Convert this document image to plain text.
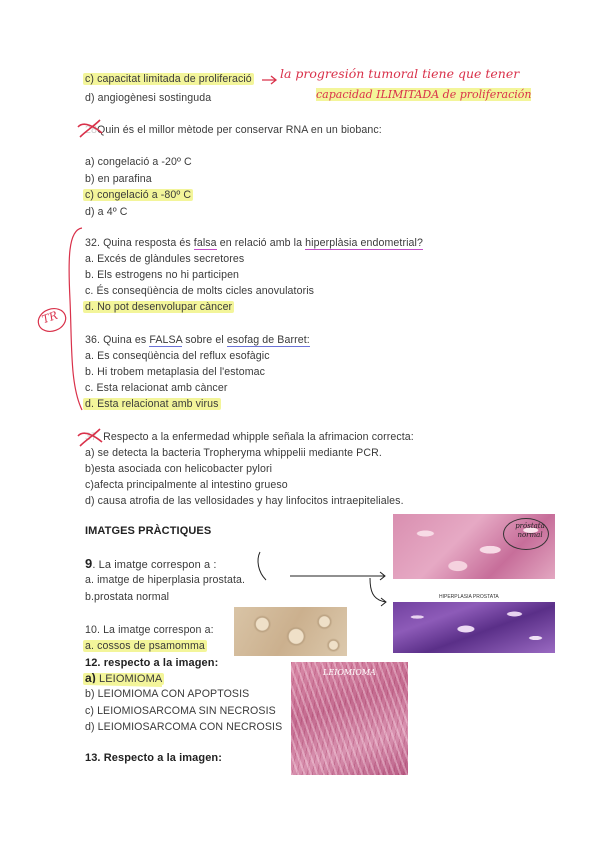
c) capacitat limitada de proliferació
d) angiogènesi sostinguda
la progresión tumoral tiene que tener
capacidad ILIMITADA de proliferación
28Quin és el millor mètode per conservar RNA en un biobanc:
a) congelació a -20º C
b) en parafina
c) congelació a -80º C
d) a 4º C
32. Quina resposta és falsa en relació amb la hiperplàsia endometrial?
a. Excés de glàndules secretores
b. Els estrogens no hi participen
c. És conseqüència de molts cicles anovulatoris
d. No pot desenvolupar càncer
36. Quina es FALSA sobre el esofag de Barret:
a. Es conseqüència del reflux esofàgic
b. Hi trobem metaplasia del l'estomac
c. Esta relacionat amb càncer
d. Esta relacionat amb virus
TR
37. Respecto a la enfermedad whipple señala la afrimacion correcta:
a) se detecta la bacteria Tropheryma whippelii mediante PCR.
b)esta asociada con helicobacter pylori
c)afecta principalmente al intestino grueso
d) causa atrofia de las vellosidades y hay linfocitos intraepiteliales.
IMATGES PRÀCTIQUES
9. La imatge correspon a :
a. imatge de hiperplasia prostata.
b.prostata normal
próstata normal
HIPERPLASIA PROSTATA
10. La imatge correspon a:
a. cossos de psamomma
12. respecto a la imagen:
a) LEIOMIOMA
b) LEIOMIOMA CON APOPTOSIS
c) LEIOMIOSARCOMA SIN NECROSIS
d) LEIOMIOSARCOMA CON NECROSIS
LEIOMIOMA
13. Respecto a la imagen:
